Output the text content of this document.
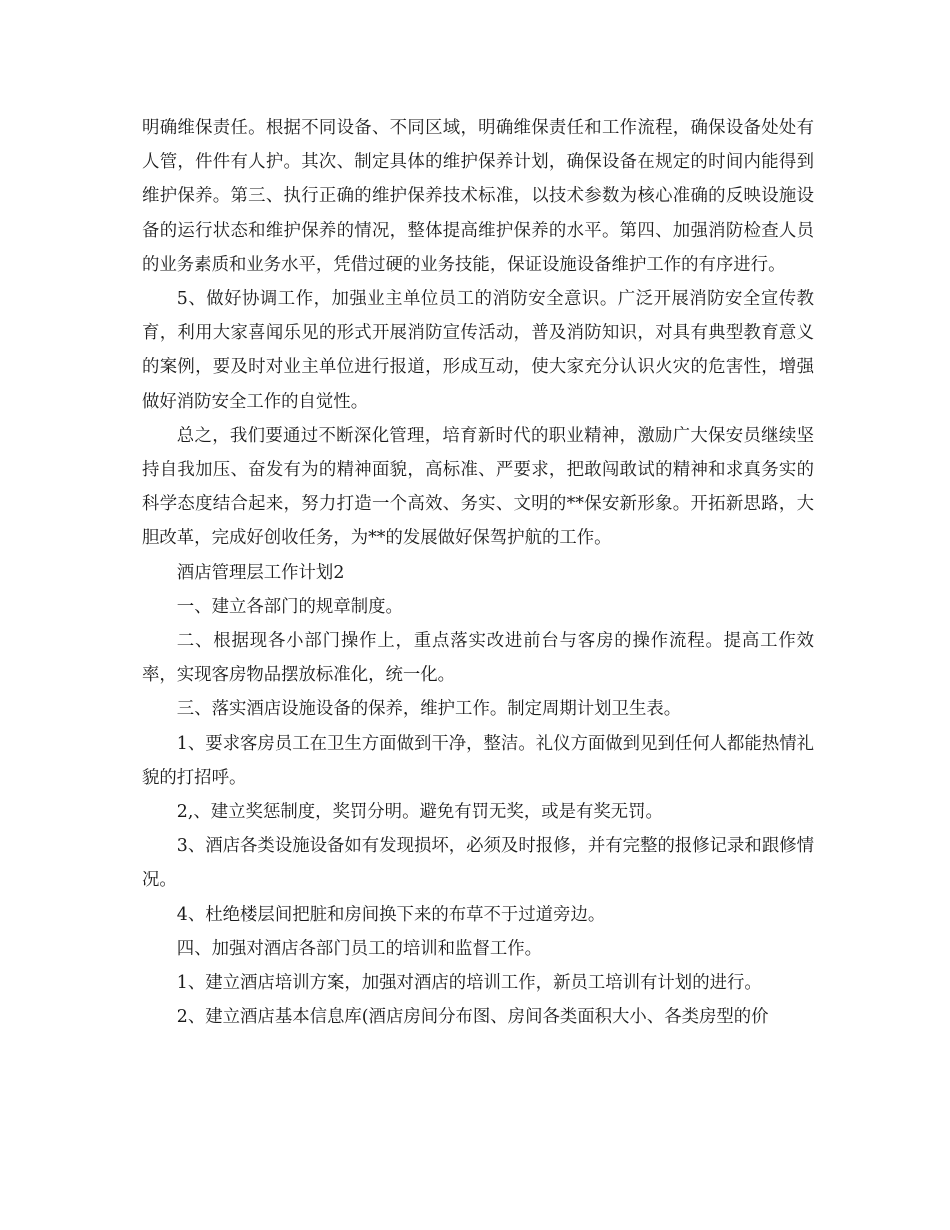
明确维保责任。根据不同设备、不同区域，明确维保责任和工作流程，确保设备处处有人管，件件有人护。其次、制定具体的维护保养计划，确保设备在规定的时间内能得到维护保养。第三、执行正确的维护保养技术标准，以技术参数为核心准确的反映设施设备的运行状态和维护保养的情况，整体提高维护保养的水平。第四、加强消防检查人员的业务素质和业务水平，凭借过硬的业务技能，保证设施设备维护工作的有序进行。

5、做好协调工作，加强业主单位员工的消防安全意识。广泛开展消防安全宣传教育，利用大家喜闻乐见的形式开展消防宣传活动，普及消防知识，对具有典型教育意义的案例，要及时对业主单位进行报道，形成互动，使大家充分认识火灾的危害性，增强做好消防安全工作的自觉性。

总之，我们要通过不断深化管理，培育新时代的职业精神，激励广大保安员继续坚持自我加压、奋发有为的精神面貌，高标准、严要求，把敢闯敢试的精神和求真务实的科学态度结合起来，努力打造一个高效、务实、文明的**保安新形象。开拓新思路，大胆改革，完成好创收任务，为**的发展做好保驾护航的工作。

酒店管理层工作计划2

一、建立各部门的规章制度。

二、根据现各小部门操作上，重点落实改进前台与客房的操作流程。提高工作效率，实现客房物品摆放标准化，统一化。

三、落实酒店设施设备的保养，维护工作。制定周期计划卫生表。

1、要求客房员工在卫生方面做到干净，整洁。礼仪方面做到见到任何人都能热情礼貌的打招呼。

2,、建立奖惩制度，奖罚分明。避免有罚无奖，或是有奖无罚。

3、酒店各类设施设备如有发现损坏，必须及时报修，并有完整的报修记录和跟修情况。

4、杜绝楼层间把脏和房间换下来的布草不于过道旁边。

四、加强对酒店各部门员工的培训和监督工作。

1、建立酒店培训方案，加强对酒店的培训工作，新员工培训有计划的进行。

2、建立酒店基本信息库(酒店房间分布图、房间各类面积大小、各类房型的价
